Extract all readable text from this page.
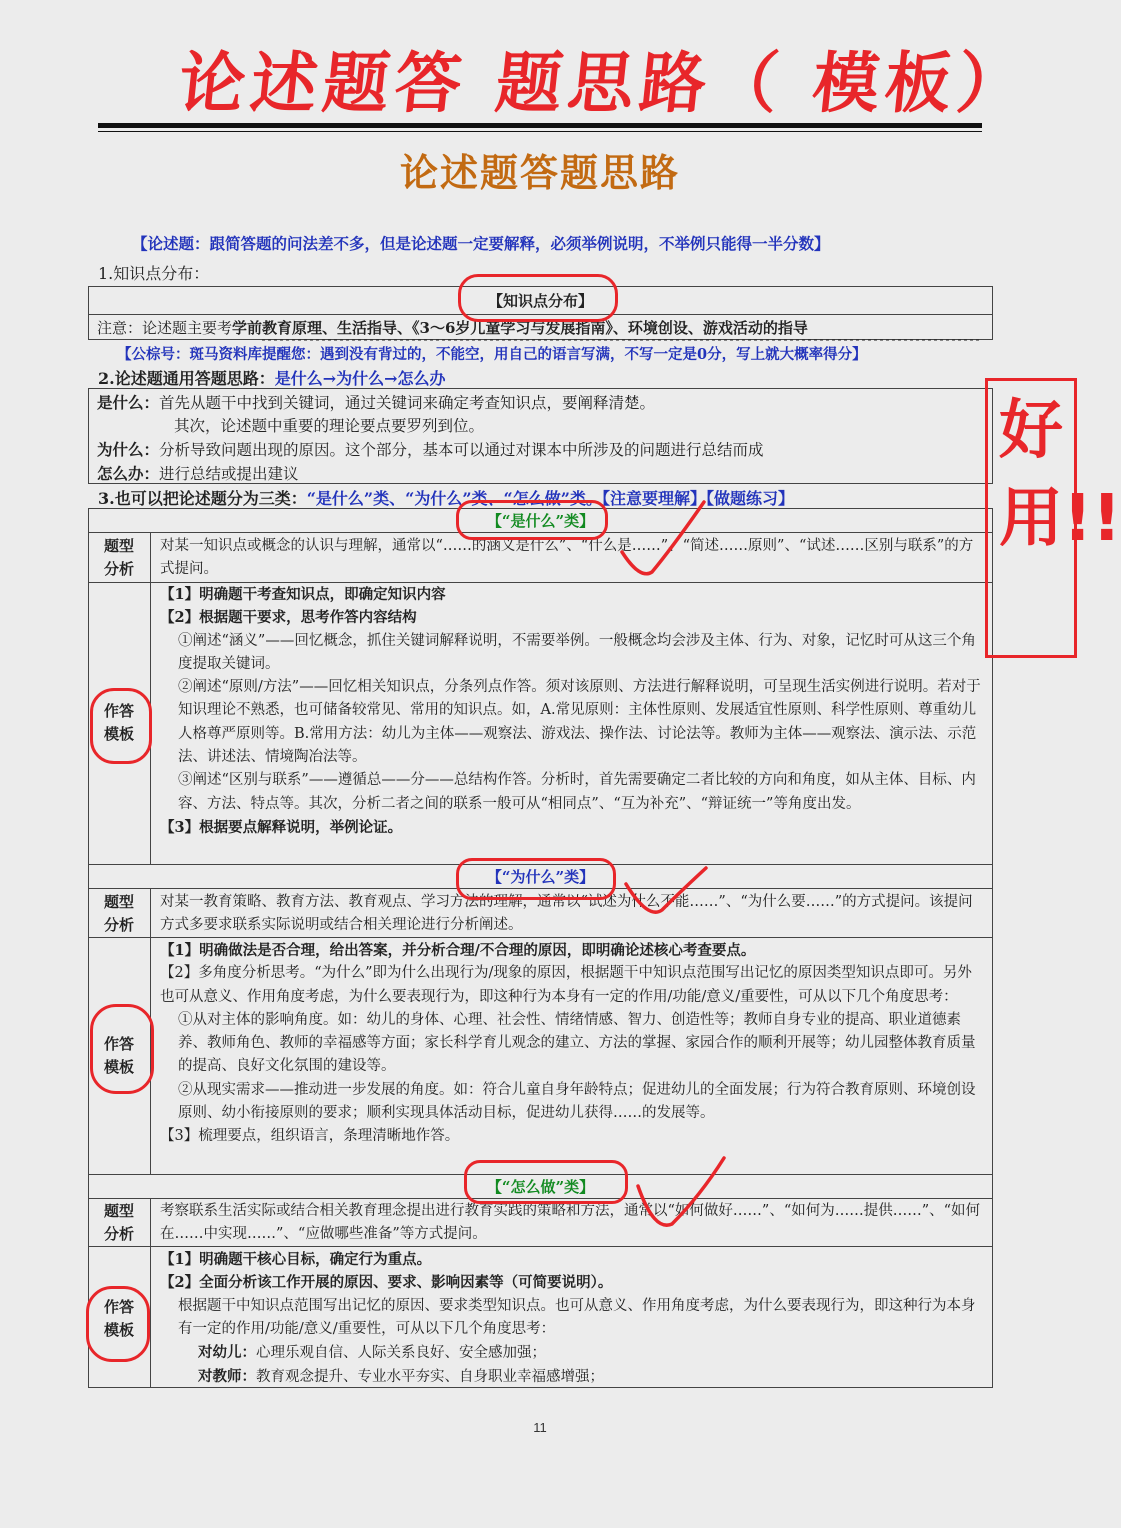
论述题答 题思路（ 模板）
论述题答题思路
【论述题：跟简答题的问法差不多，但是论述题一定要解释，必须举例说明，不举例只能得一半分数】
1.知识点分布：
【知识点分布】
注意：论述题主要考学前教育原理、生活指导、《3～6岁儿童学习与发展指南》、环境创设、游戏活动的指导
【公棕号：斑马资料库提醒您：遇到没有背过的，不能空，用自己的语言写满，不写一定是0分，写上就大概率得分】
2.论述题通用答题思路：是什么→为什么→怎么办

是什么：首先从题干中找到关键词，通过关键词来确定考查知识点，要阐释清楚。

其次，论述题中重要的理论要点要罗列到位。

为什么：分析导致问题出现的原因。这个部分，基本可以通过对课本中所涉及的问题进行总结而成

怎么办：进行总结或提出建议

3.也可以把论述题分为三类：“是什么”类、“为什么”类、“怎么做”类。【注意要理解】【做题练习】
【“是什么”类】

题型

分析

对某一知识点或概念的认识与理解，通常以“……的涵义是什么”、“什么是……”、“简述……原则”、“试述……区别与联系”的方式提问。

作答

模板

【1】明确题干考查知识点，即确定知识内容

【2】根据题干要求，思考作答内容结构

①阐述“涵义”——回忆概念，抓住关键词解释说明，不需要举例。一般概念均会涉及主体、行为、对象，记忆时可从这三个角度提取关键词。

②阐述“原则/方法”——回忆相关知识点，分条列点作答。须对该原则、方法进行解释说明，可呈现生活实例进行说明。若对于知识理论不熟悉，也可储备较常见、常用的知识点。如，A.常见原则：主体性原则、发展适宜性原则、科学性原则、尊重幼儿人格尊严原则等。B.常用方法：幼儿为主体——观察法、游戏法、操作法、讨论法等。教师为主体——观察法、演示法、示范法、讲述法、情境陶冶法等。

③阐述“区别与联系”——遵循总——分——总结构作答。分析时，首先需要确定二者比较的方向和角度，如从主体、目标、内容、方法、特点等。其次，分析二者之间的联系一般可从“相同点”、“互为补充”、“辩证统一”等角度出发。

【3】根据要点解释说明，举例论证。

【“为什么”类】

题型

分析

对某一教育策略、教育方法、教育观点、学习方法的理解，通常以“试述为什么不能……”、“为什么要……”的方式提问。该提问方式多要求联系实际说明或结合相关理论进行分析阐述。

作答

模板

【1】明确做法是否合理，给出答案，并分析合理/不合理的原因，即明确论述核心考查要点。

【2】多角度分析思考。“为什么”即为什么出现行为/现象的原因，根据题干中知识点范围写出记忆的原因类型知识点即可。另外也可从意义、作用角度考虑，为什么要表现行为，即这种行为本身有一定的作用/功能/意义/重要性，可从以下几个角度思考：

①从对主体的影响角度。如：幼儿的身体、心理、社会性、情绪情感、智力、创造性等；教师自身专业的提高、职业道德素养、教师角色、教师的幸福感等方面；家长科学育儿观念的建立、方法的掌握、家园合作的顺利开展等；幼儿园整体教育质量的提高、良好文化氛围的建设等。

②从现实需求——推动进一步发展的角度。如：符合儿童自身年龄特点；促进幼儿的全面发展；行为符合教育原则、环境创设原则、幼小衔接原则的要求；顺利实现具体活动目标，促进幼儿获得……的发展等。

【3】梳理要点，组织语言，条理清晰地作答。

【“怎么做”类】

题型

分析

考察联系生活实际或结合相关教育理念提出进行教育实践的策略和方法，通常以“如何做好……”、“如何为……提供……”、“如何在……中实现……”、“应做哪些准备”等方式提问。

作答

模板

【1】明确题干核心目标，确定行为重点。

【2】全面分析该工作开展的原因、要求、影响因素等（可简要说明）。

根据题干中知识点范围写出记忆的原因、要求类型知识点。也可从意义、作用角度考虑，为什么要表现行为，即这种行为本身有一定的作用/功能/意义/重要性，可从以下几个角度思考：

对幼儿：心理乐观自信、人际关系良好、安全感加强；

对教师：教育观念提升、专业水平夯实、自身职业幸福感增强；

好用!!
11
